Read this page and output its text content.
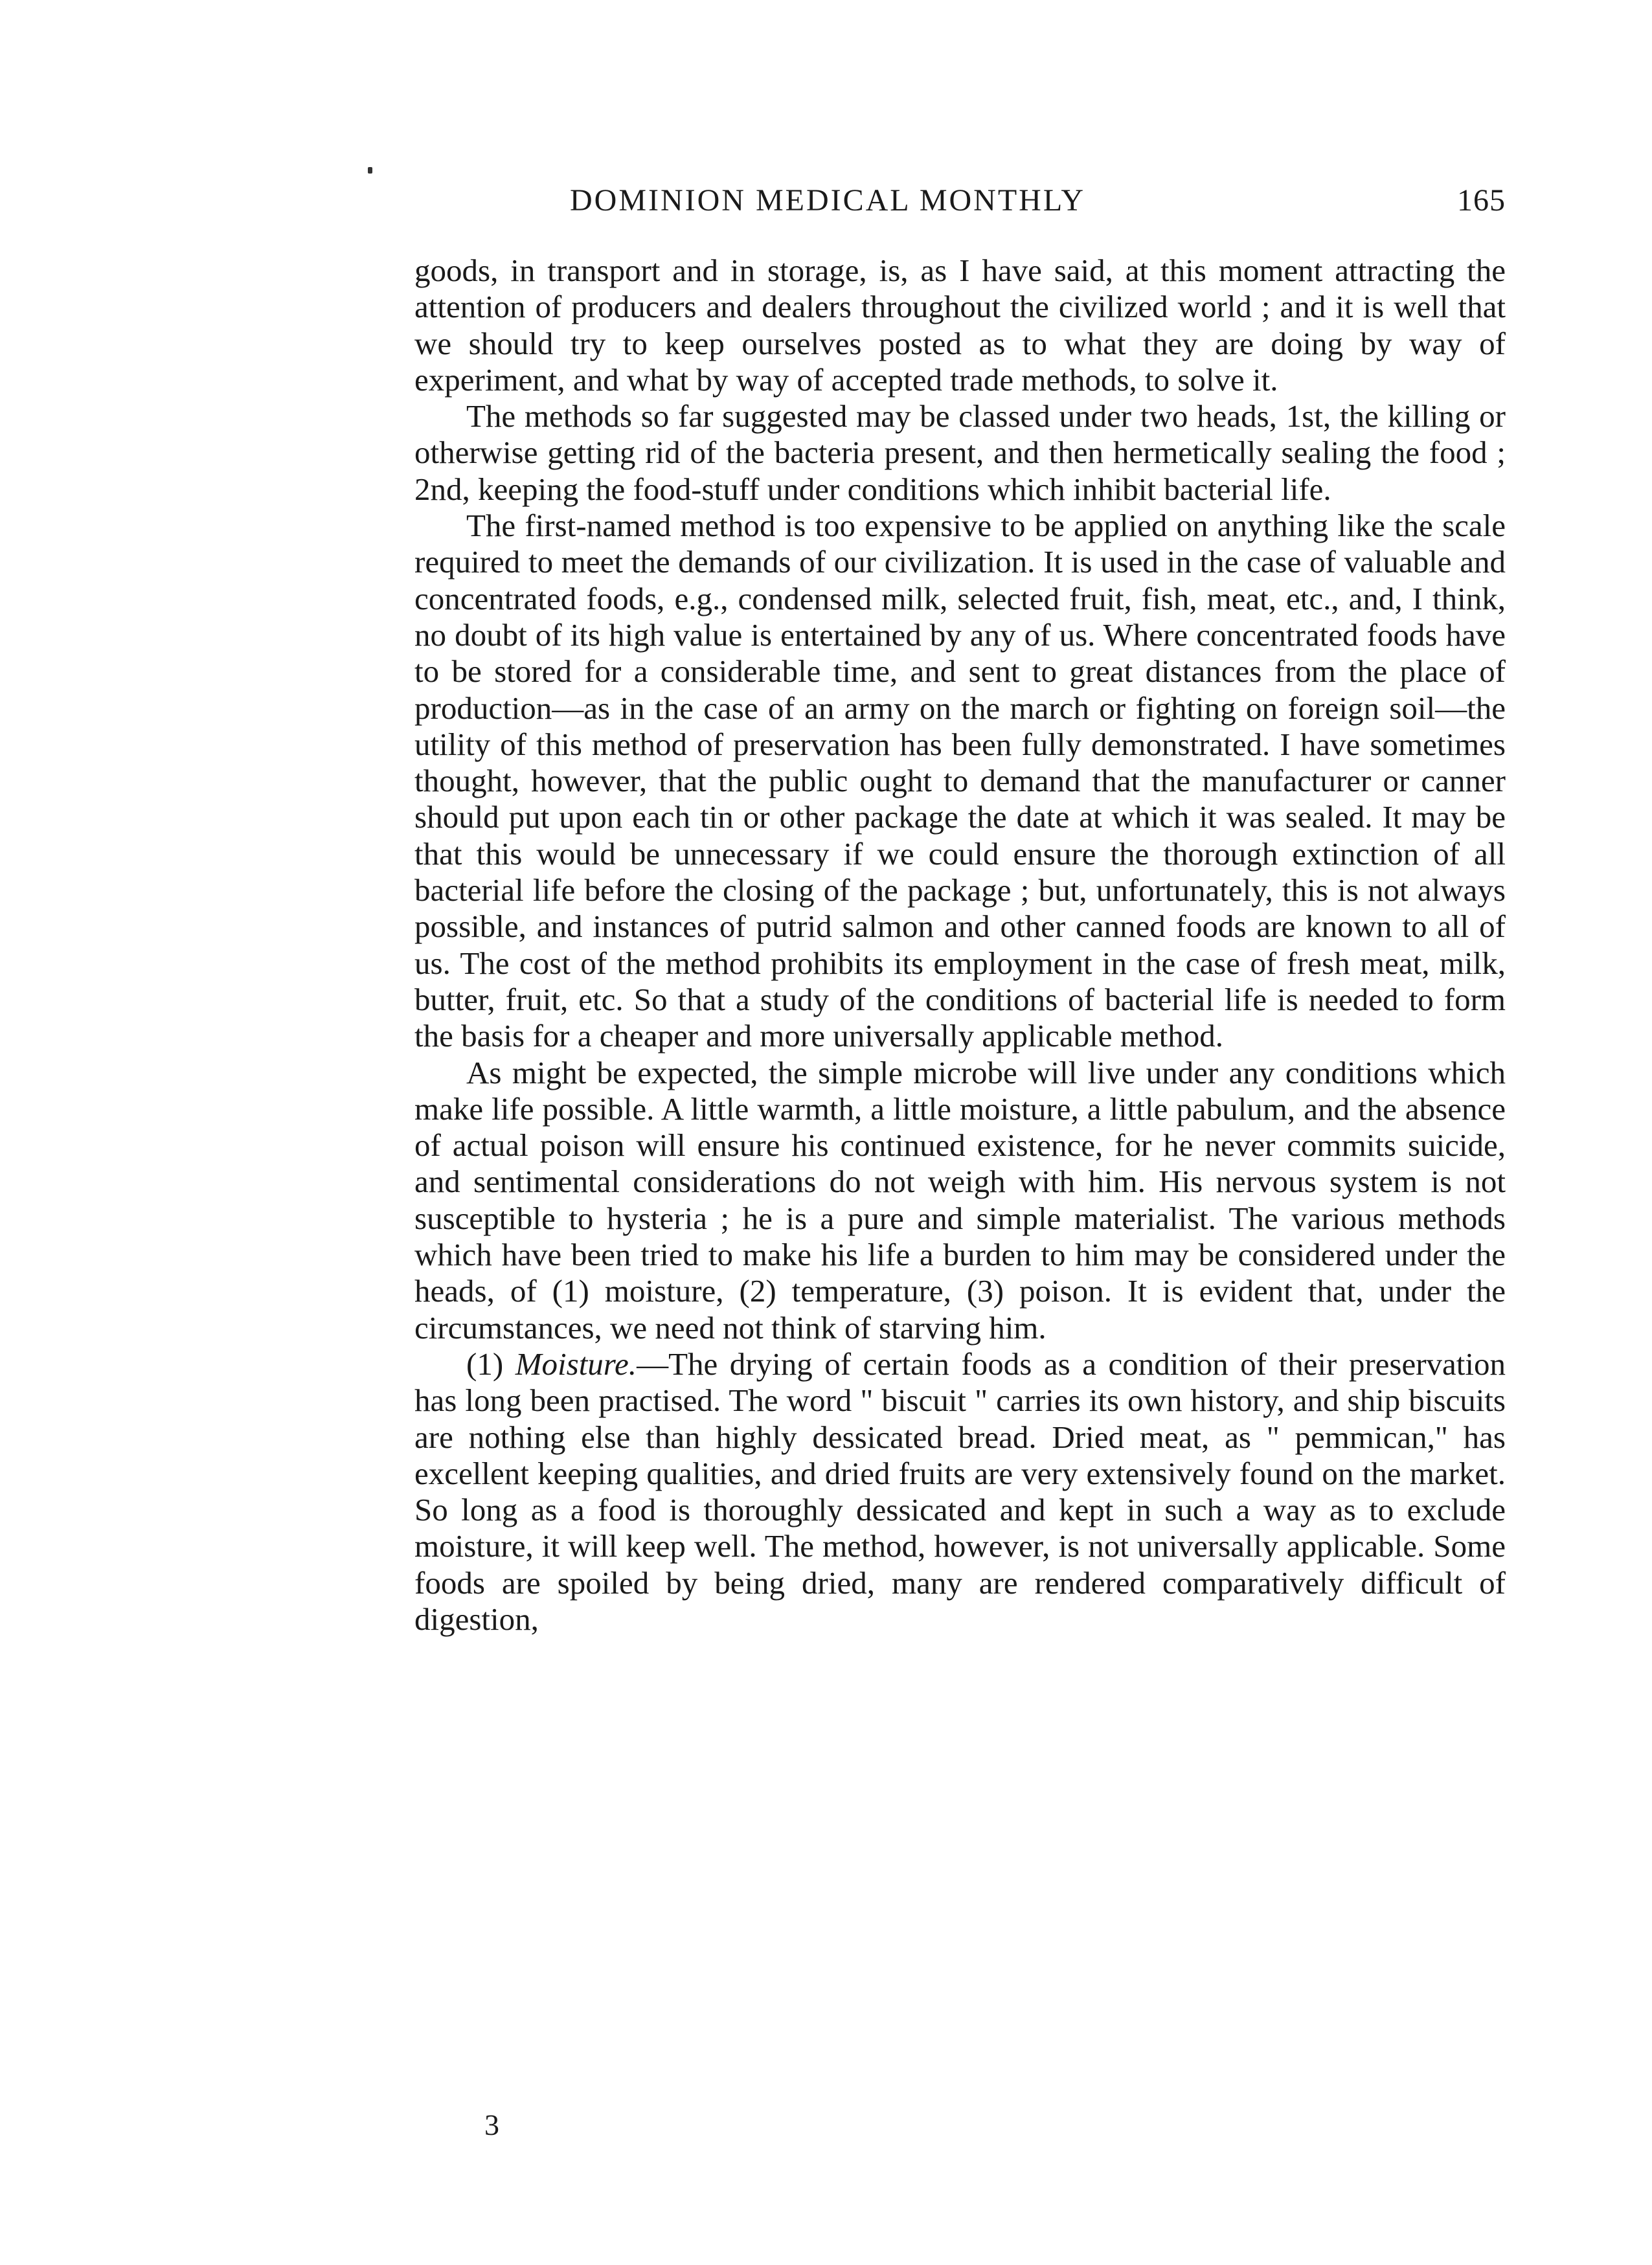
DOMINION MEDICAL MONTHLY	165

goods, in transport and in storage, is, as I have said, at this moment attracting the attention of producers and dealers throughout the civilized world ; and it is well that we should try to keep ourselves posted as to what they are doing by way of experiment, and what by way of accepted trade methods, to solve it.

The methods so far suggested may be classed under two heads, 1st, the killing or otherwise getting rid of the bacteria present, and then hermetically sealing the food ; 2nd, keeping the food-stuff under conditions which inhibit bacterial life.

The first-named method is too expensive to be applied on anything like the scale required to meet the demands of our civilization. It is used in the case of valuable and concentrated foods, e.g., condensed milk, selected fruit, fish, meat, etc., and, I think, no doubt of its high value is entertained by any of us. Where concentrated foods have to be stored for a considerable time, and sent to great distances from the place of production—as in the case of an army on the march or fighting on foreign soil—the utility of this method of preservation has been fully demonstrated. I have sometimes thought, however, that the public ought to demand that the manufacturer or canner should put upon each tin or other package the date at which it was sealed. It may be that this would be unnecessary if we could ensure the thorough extinction of all bacterial life before the closing of the package ; but, unfortunately, this is not always possible, and instances of putrid salmon and other canned foods are known to all of us. The cost of the method prohibits its employment in the case of fresh meat, milk, butter, fruit, etc. So that a study of the conditions of bacterial life is needed to form the basis for a cheaper and more universally applicable method.

As might be expected, the simple microbe will live under any conditions which make life possible. A little warmth, a little moisture, a little pabulum, and the absence of actual poison will ensure his continued existence, for he never commits suicide, and sentimental considerations do not weigh with him. His nervous system is not susceptible to hysteria ; he is a pure and simple materialist. The various methods which have been tried to make his life a burden to him may be considered under the heads, of (1) moisture, (2) temperature, (3) poison. It is evident that, under the circumstances, we need not think of starving him.

(1) Moisture.—The drying of certain foods as a condition of their preservation has long been practised. The word " biscuit " carries its own history, and ship biscuits are nothing else than highly dessicated bread. Dried meat, as " pemmican," has excellent keeping qualities, and dried fruits are very extensively found on the market. So long as a food is thoroughly dessicated and kept in such a way as to exclude moisture, it will keep well. The method, however, is not universally applicable. Some foods are spoiled by being dried, many are rendered comparatively difficult of digestion,

3
